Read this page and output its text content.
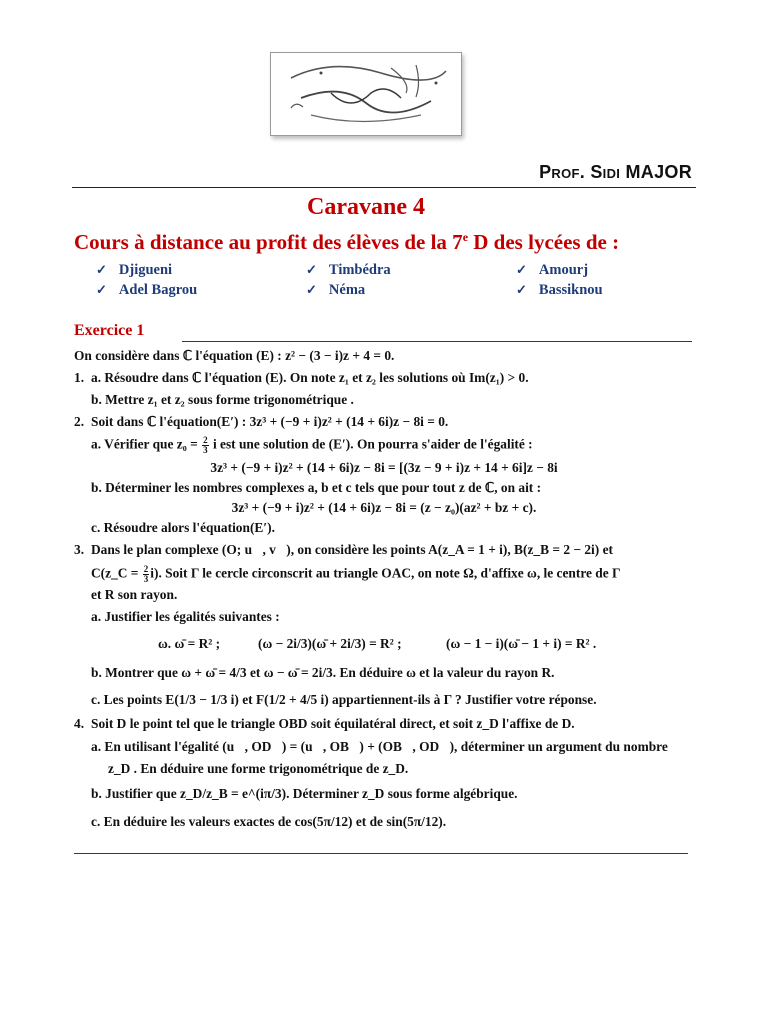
Prof. Sidi MAJOR
Caravane 4
Cours à distance au profit des élèves de la 7e D des lycées de :
✓ Djigueni	✓ Timbédra	✓ Amourj
✓ Adel Bagrou	✓ Néma	✓ Bassiknou
Exercice 1
On considère dans ℂ l'équation (E) : z² − (3 − i)z + 4 = 0.
1. a. Résoudre dans ℂ l'équation (E). On note z₁ et z₂ les solutions où Im(z₁) > 0.
b. Mettre z₁ et z₂ sous forme trigonométrique .
2. Soit dans ℂ l'équation(E′) : 3z³ + (−9 + i)z² + (14 + 6i)z − 8i = 0.
a. Vérifier que $z_0 = \frac{2}{3}$ i est une solution de (E′). On pourra s'aider de l'égalité :
3z³ + (−9 + i)z² + (14 + 6i)z − 8i = [(3z − 9 + i)z + 14 + 6i]z − 8i
b. Déterminer les nombres complexes a, b et c tels que pour tout z de ℂ, on ait :
3z³ + (−9 + i)z² + (14 + 6i)z − 8i = (z − z₀)(az² + bz + c).
c. Résoudre alors l'équation(E′).
3. Dans le plan complexe (O; u⃗, v⃗), on considère les points A(z_A = 1 + i), B(z_B = 2 − 2i) et
C(z_C = $\frac{2}{3} i$). Soit Γ le cercle circonscrit au triangle OAC, on note Ω, d'affixe ω, le centre de Γ
et R son rayon.
a. Justifier les égalités suivantes :
ω. ω̄ = R² ;	(ω − 2i/3)(ω̄ + 2i/3) = R² ;	(ω − 1 − i)(ω̄ − 1 + i) = R² .
b. Montrer que ω + ω̄ = 4/3 et ω − ω̄ = 2i/3. En déduire ω et la valeur du rayon R.
c. Les points E(1/3 − 1/3 i) et F(1/2 + 4/5 i) appartiennent-ils à Γ ? Justifier votre réponse.
4. Soit D le point tel que le triangle OBD soit équilatéral direct, et soit z_D l'affixe de D.
a. En utilisant l'égalité (u⃗, OD⃗) = (u⃗, OB⃗) + (OB⃗, OD⃗), déterminer un argument du nombre
z_D . En déduire une forme trigonométrique de z_D.
b. Justifier que z_D/z_B = e^(iπ/3). Déterminer z_D sous forme algébrique.
c. En déduire les valeurs exactes de cos(5π/12) et de sin(5π/12).
